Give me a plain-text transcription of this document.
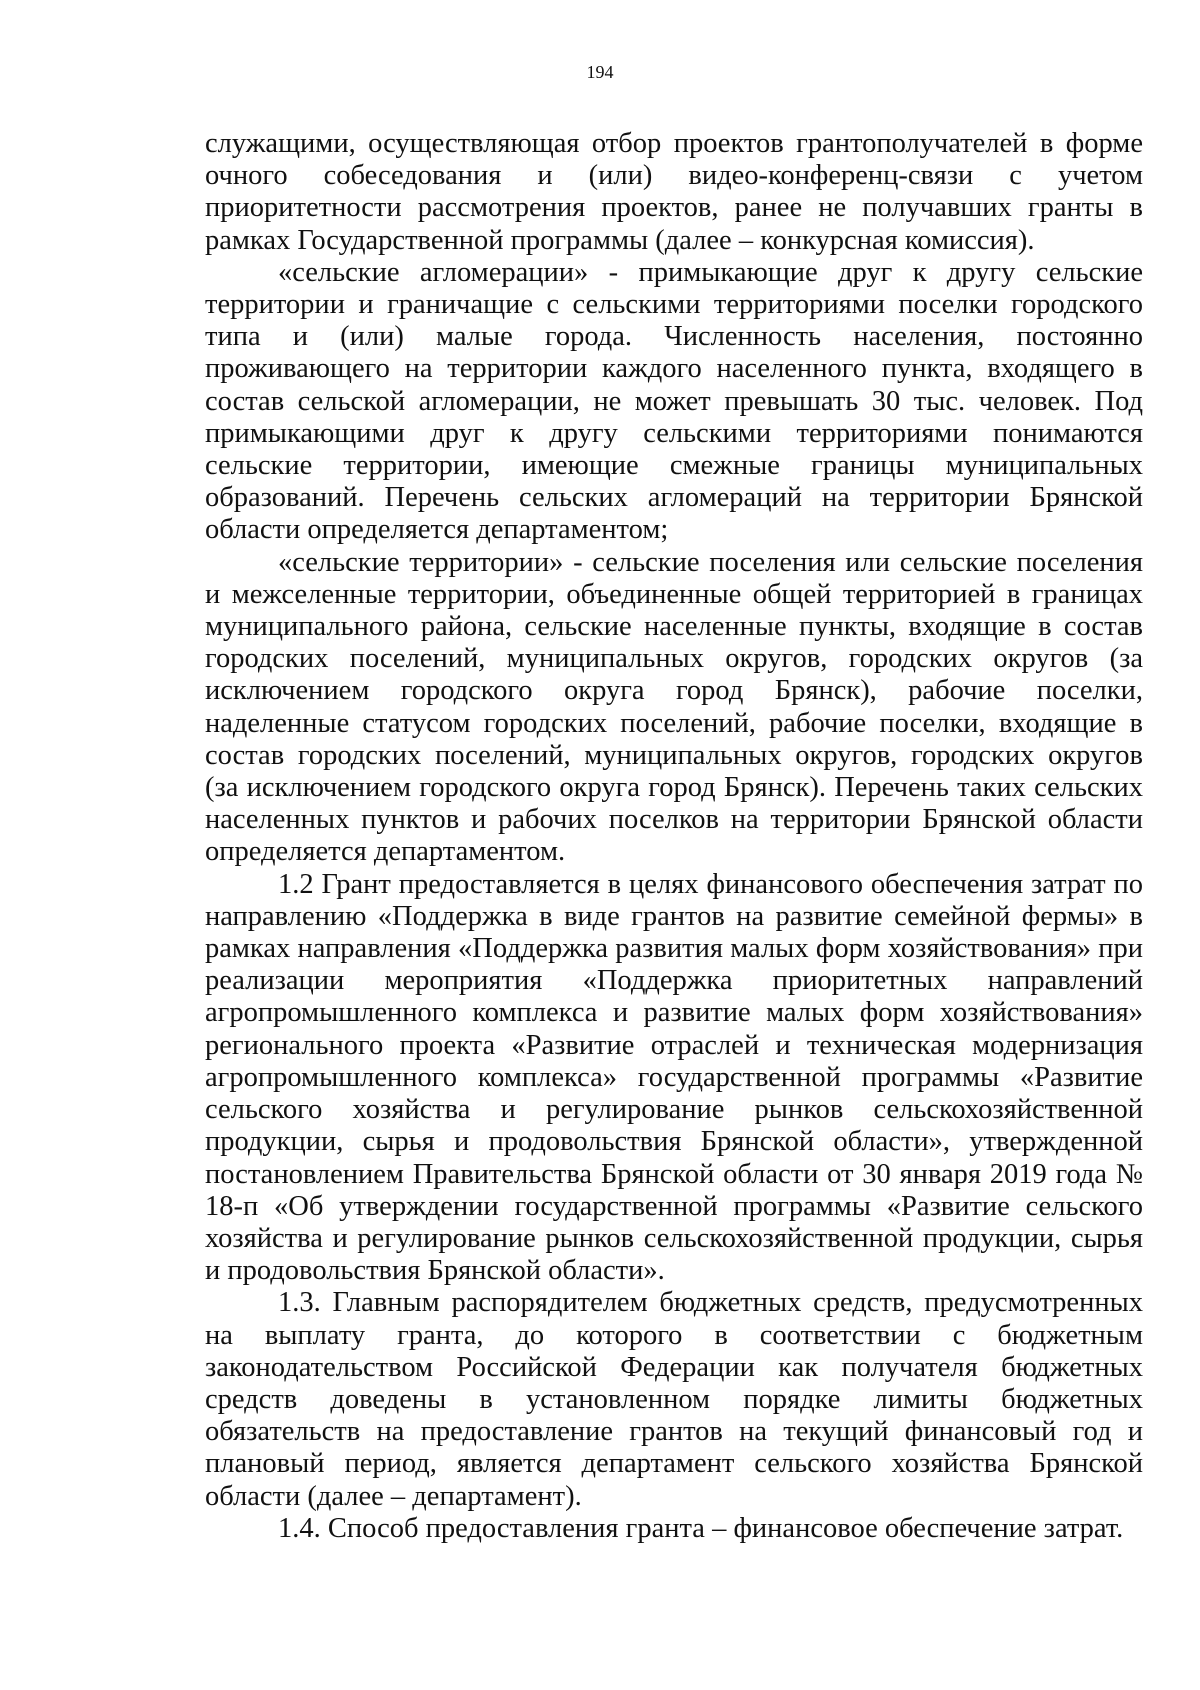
194

служащими, осуществляющая отбор проектов грантополучателей в форме очного собеседования и (или) видео-конференц-связи с учетом приоритетности рассмотрения проектов, ранее не получавших гранты в рамках Государственной программы (далее – конкурсная комиссия).

«сельские агломерации» - примыкающие друг к другу сельские территории и граничащие с сельскими территориями поселки городского типа и (или) малые города. Численность населения, постоянно проживающего на территории каждого населенного пункта, входящего в состав сельской агломерации, не может превышать 30 тыс. человек. Под примыкающими друг к другу сельскими территориями понимаются сельские территории, имеющие смежные границы муниципальных образований. Перечень сельских агломераций на территории Брянской области определяется департаментом;

«сельские территории» - сельские поселения или сельские поселения и межселенные территории, объединенные общей территорией в границах муниципального района, сельские населенные пункты, входящие в состав городских поселений, муниципальных округов, городских округов (за исключением городского округа город Брянск), рабочие поселки, наделенные статусом городских поселений, рабочие поселки, входящие в состав городских поселений, муниципальных округов, городских округов (за исключением городского округа город Брянск). Перечень таких сельских населенных пунктов и рабочих поселков на территории Брянской области определяется департаментом.

1.2 Грант предоставляется в целях финансового обеспечения затрат по направлению «Поддержка в виде грантов на развитие семейной фермы» в рамках направления «Поддержка развития малых форм хозяйствования» при реализации мероприятия «Поддержка приоритетных направлений агропромышленного комплекса и развитие малых форм хозяйствования» регионального проекта «Развитие отраслей и техническая модернизация агропромышленного комплекса» государственной программы «Развитие сельского хозяйства и регулирование рынков сельскохозяйственной продукции, сырья и продовольствия Брянской области», утвержденной постановлением Правительства Брянской области от 30 января 2019 года № 18-п «Об утверждении государственной программы «Развитие сельского хозяйства и регулирование рынков сельскохозяйственной продукции, сырья и продовольствия Брянской области».

1.3. Главным распорядителем бюджетных средств, предусмотренных на выплату гранта, до которого в соответствии с бюджетным законодательством Российской Федерации как получателя бюджетных средств доведены в установленном порядке лимиты бюджетных обязательств на предоставление грантов на текущий финансовый год и плановый период, является департамент сельского хозяйства Брянской области (далее – департамент).

1.4. Способ предоставления гранта – финансовое обеспечение затрат.
